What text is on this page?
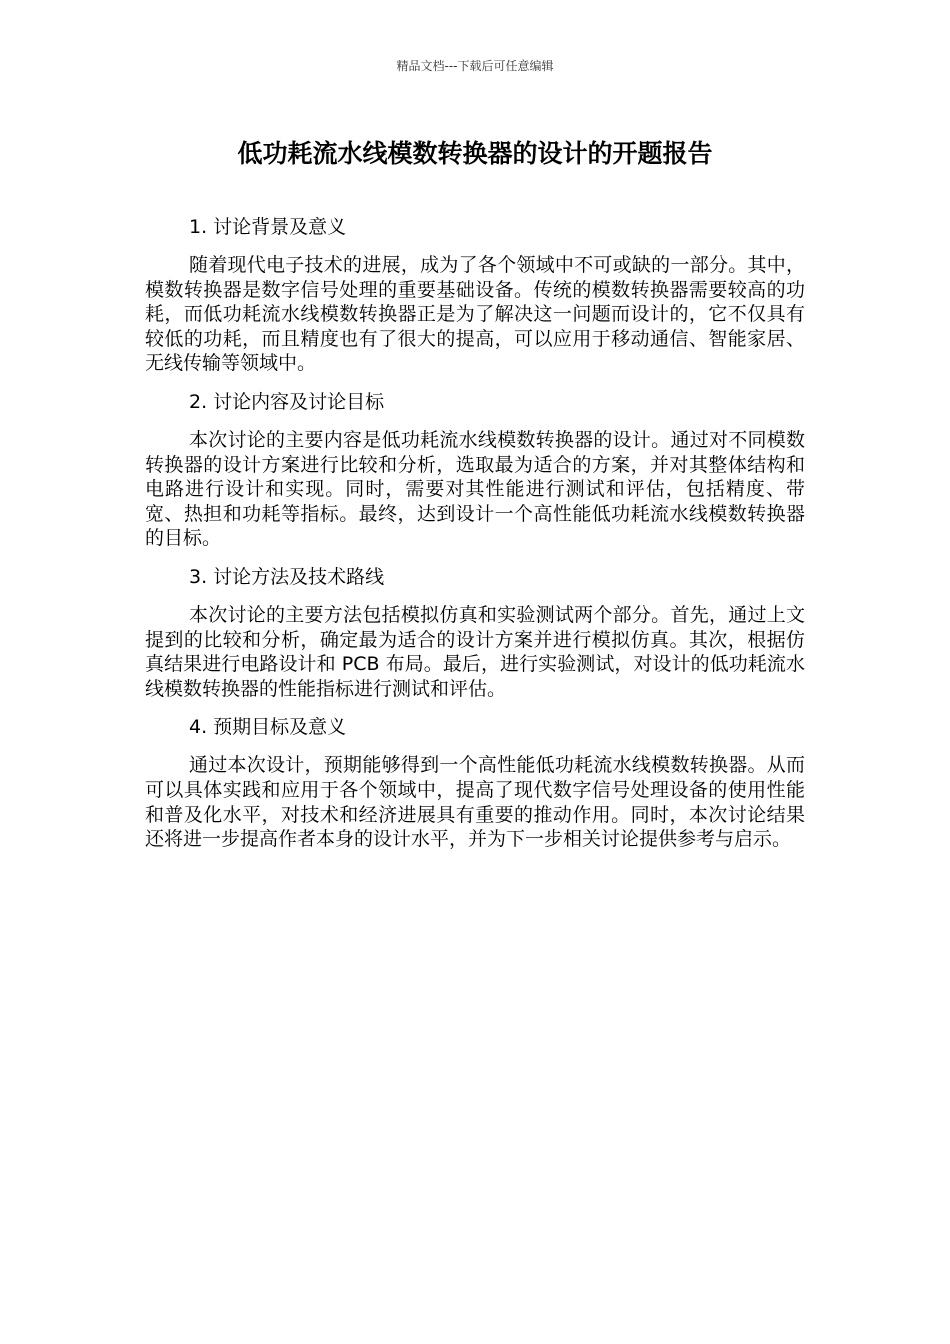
精品文档---下载后可任意编辑
低功耗流水线模数转换器的设计的开题报告

1. 讨论背景及意义

随着现代电子技术的进展，成为了各个领域中不可或缺的一部分。其中，模数转换器是数字信号处理的重要基础设备。传统的模数转换器需要较高的功耗，而低功耗流水线模数转换器正是为了解决这一问题而设计的，它不仅具有较低的功耗，而且精度也有了很大的提高，可以应用于移动通信、智能家居、无线传输等领域中。

2. 讨论内容及讨论目标

本次讨论的主要内容是低功耗流水线模数转换器的设计。通过对不同模数转换器的设计方案进行比较和分析，选取最为适合的方案，并对其整体结构和电路进行设计和实现。同时，需要对其性能进行测试和评估，包括精度、带宽、热担和功耗等指标。最终，达到设计一个高性能低功耗流水线模数转换器的目标。

3. 讨论方法及技术路线

本次讨论的主要方法包括模拟仿真和实验测试两个部分。首先，通过上文提到的比较和分析，确定最为适合的设计方案并进行模拟仿真。其次，根据仿真结果进行电路设计和 PCB 布局。最后，进行实验测试，对设计的低功耗流水线模数转换器的性能指标进行测试和评估。

4. 预期目标及意义

通过本次设计，预期能够得到一个高性能低功耗流水线模数转换器。从而可以具体实践和应用于各个领域中，提高了现代数字信号处理设备的使用性能和普及化水平，对技术和经济进展具有重要的推动作用。同时，本次讨论结果还将进一步提高作者本身的设计水平，并为下一步相关讨论提供参考与启示。
